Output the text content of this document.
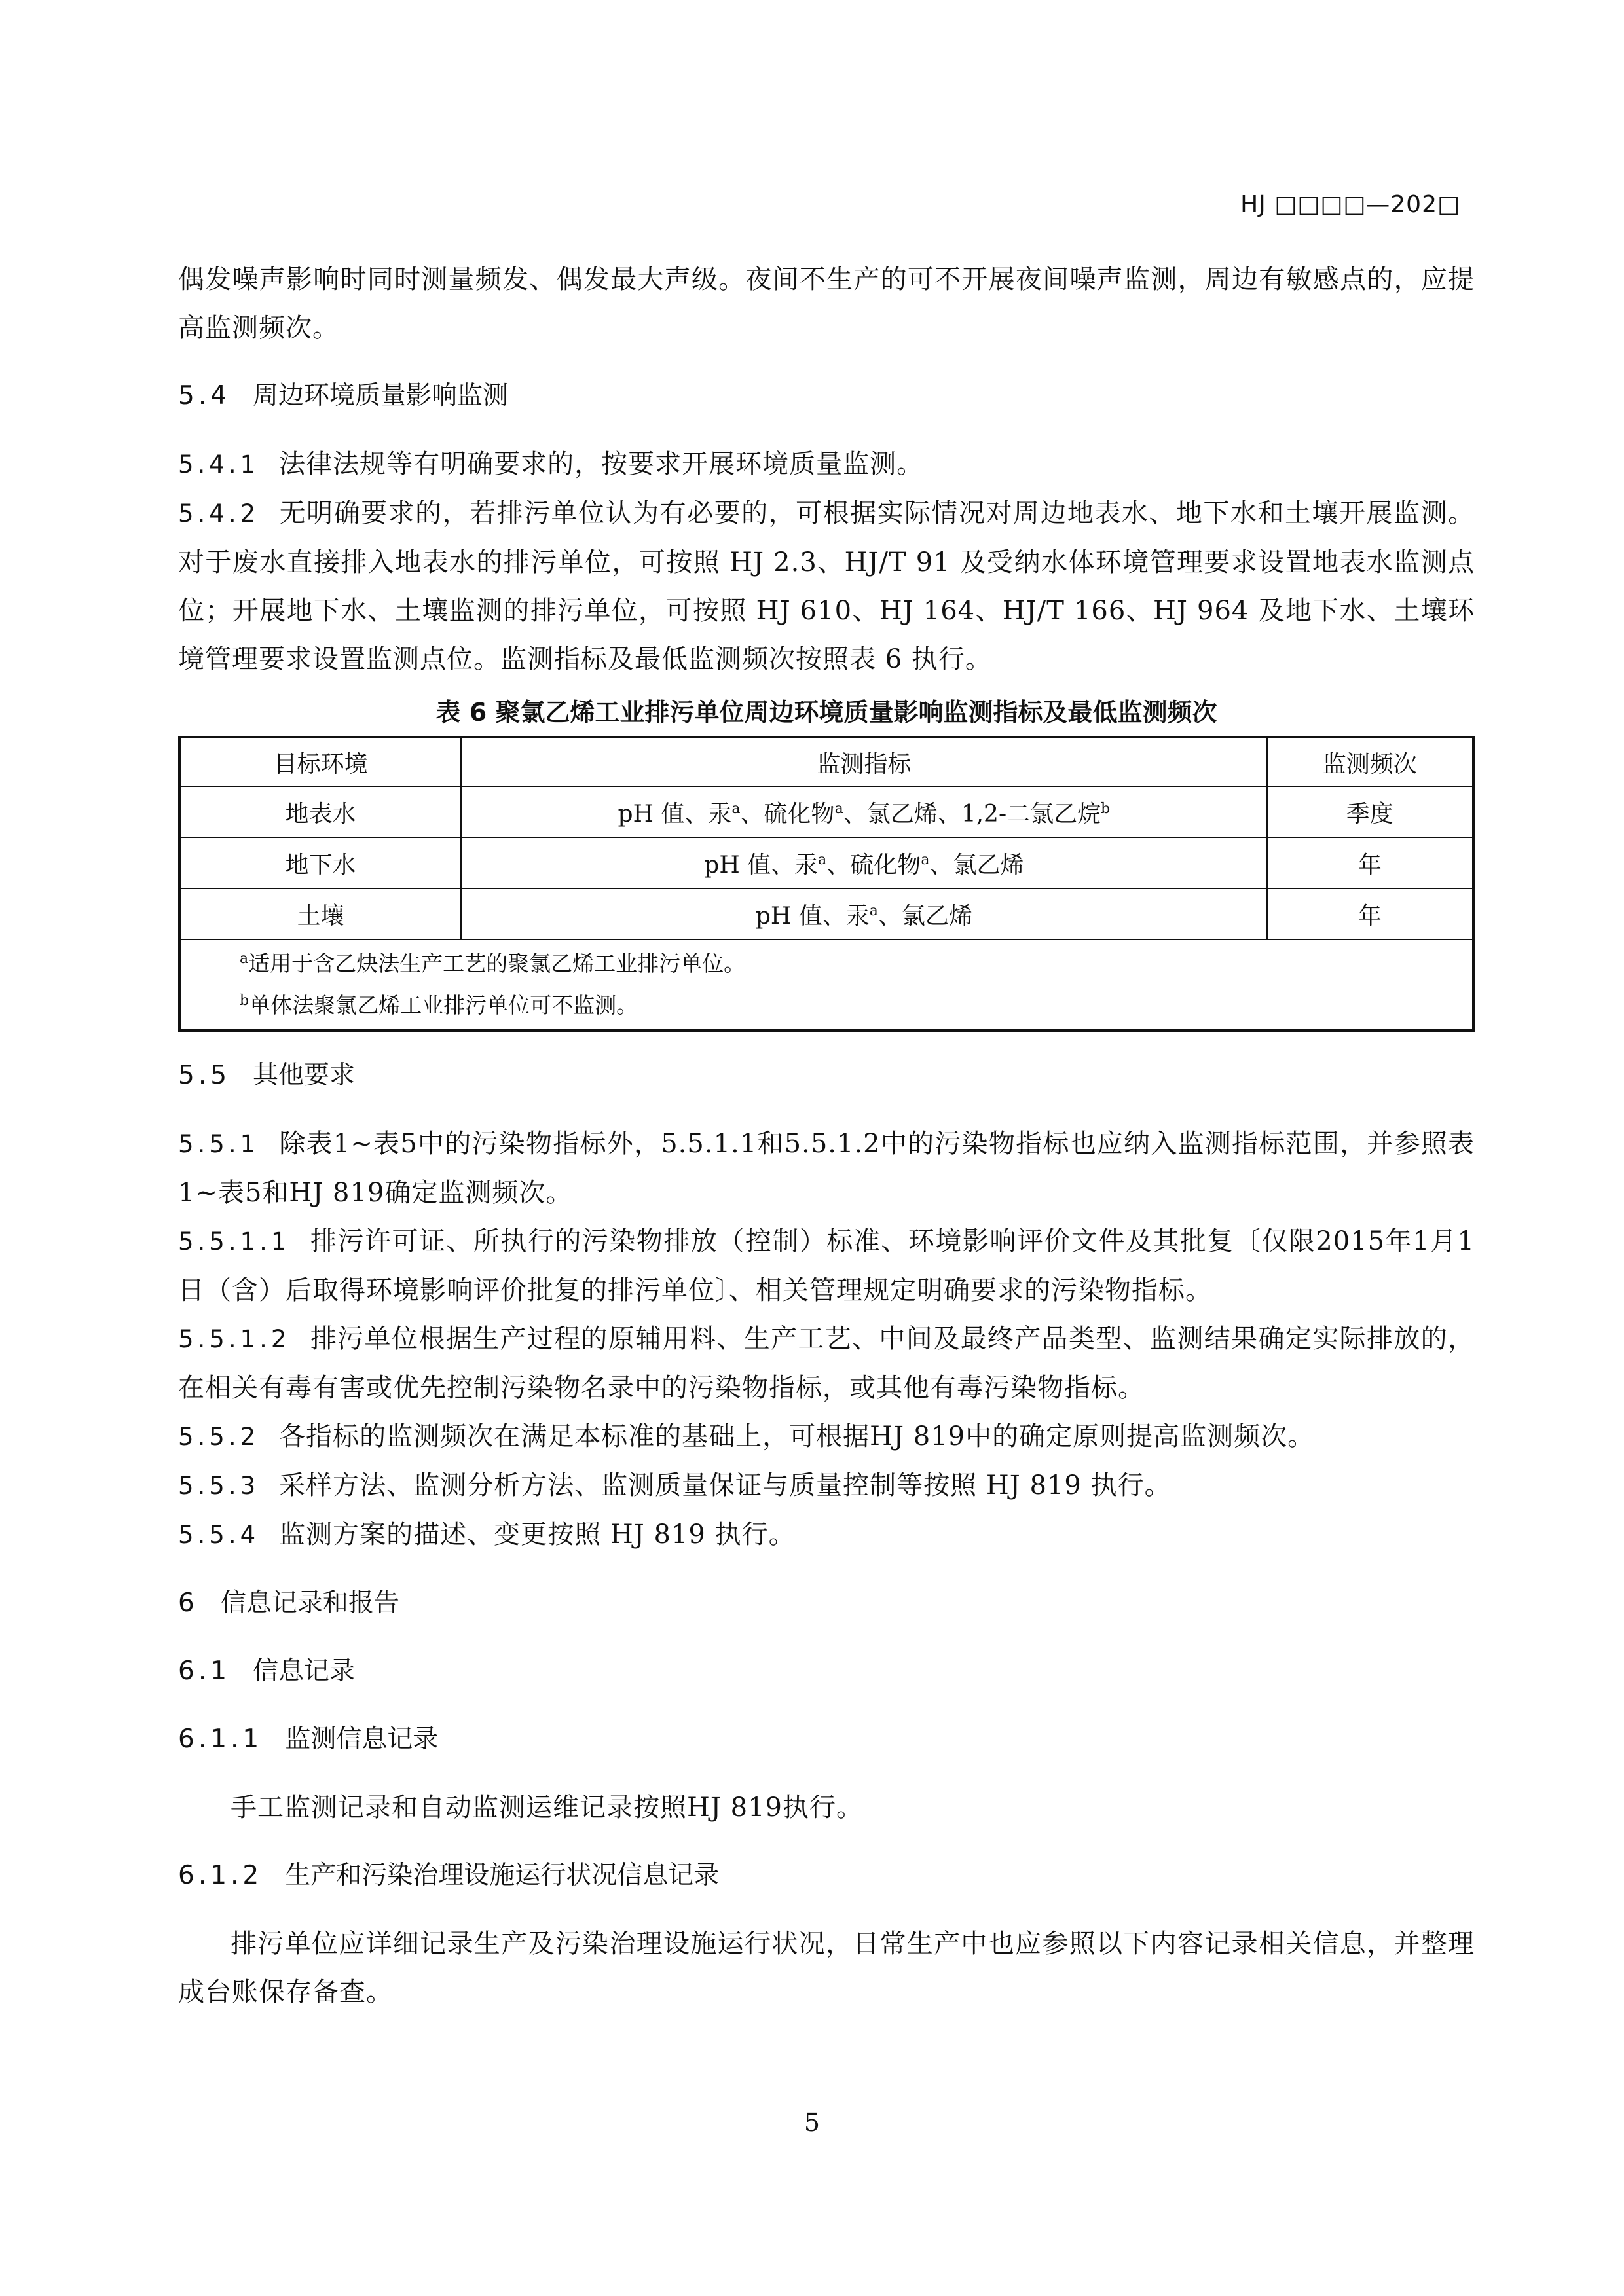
HJ □□□□—202□

偶发噪声影响时同时测量频发、偶发最大声级。夜间不生产的可不开展夜间噪声监测，周边有敏感点的，应提高监测频次。

5.4 周边环境质量影响监测

5.4.1 法律法规等有明确要求的，按要求开展环境质量监测。

5.4.2 无明确要求的，若排污单位认为有必要的，可根据实际情况对周边地表水、地下水和土壤开展监测。对于废水直接排入地表水的排污单位，可按照 HJ 2.3、HJ/T 91 及受纳水体环境管理要求设置地表水监测点位；开展地下水、土壤监测的排污单位，可按照 HJ 610、HJ 164、HJ/T 166、HJ 964 及地下水、土壤环境管理要求设置监测点位。监测指标及最低监测频次按照表 6 执行。

表 6 聚氯乙烯工业排污单位周边环境质量影响监测指标及最低监测频次
目标环境	监测指标	监测频次
地表水	pH 值、汞$^a$、硫化物$^a$、氯乙烯、1,2-二氯乙烷$^b$	季度
地下水	pH 值、汞$^a$、硫化物$^a$、氯乙烯	年
土壤	pH 值、汞$^a$、氯乙烯	年

$^a$适用于含乙炔法生产工艺的聚氯乙烯工业排污单位。
$^b$单体法聚氯乙烯工业排污单位可不监测。		
5.5 其他要求

5.5.1 除表1~表5中的污染物指标外，5.5.1.1和5.5.1.2中的污染物指标也应纳入监测指标范围，并参照表1~表5和HJ 819确定监测频次。

5.5.1.1 排污许可证、所执行的污染物排放（控制）标准、环境影响评价文件及其批复〔仅限2015年1月1日（含）后取得环境影响评价批复的排污单位〕、相关管理规定明确要求的污染物指标。

5.5.1.2 排污单位根据生产过程的原辅用料、生产工艺、中间及最终产品类型、监测结果确定实际排放的，在相关有毒有害或优先控制污染物名录中的污染物指标，或其他有毒污染物指标。

5.5.2 各指标的监测频次在满足本标准的基础上，可根据HJ 819中的确定原则提高监测频次。

5.5.3 采样方法、监测分析方法、监测质量保证与质量控制等按照 HJ 819 执行。

5.5.4 监测方案的描述、变更按照 HJ 819 执行。

6 信息记录和报告
6.1 信息记录
6.1.1 监测信息记录

手工监测记录和自动监测运维记录按照HJ 819执行。

6.1.2 生产和污染治理设施运行状况信息记录

排污单位应详细记录生产及污染治理设施运行状况，日常生产中也应参照以下内容记录相关信息，并整理成台账保存备查。

5
